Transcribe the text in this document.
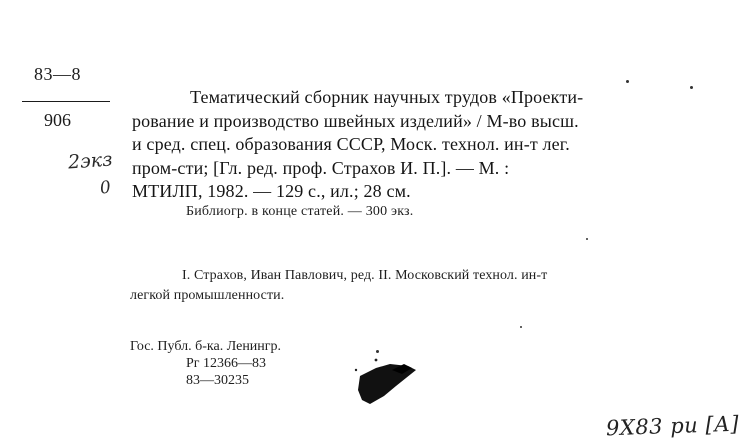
83—8
906
2экз
0
Тематический сборник научных трудов «Проекти-
рование и производство швейных изделий» / М-во высш.
и сред. спец. образования СССР, Моск. технол. ин-т лег.
пром-сти; [Гл. ред. проф. Страхов И. П.]. — М. :
МТИЛП, 1982. — 129 с., ил.; 28 см.
Библиогр. в конце статей. — 300 экз.
I. Страхов, Иван Павлович, ред. II. Московский технол. ин-т
легкой промышленности.
Гос. Публ. б-ка. Ленингр.
Рг 12366—83
83—30235
9Х83 ри [А]
